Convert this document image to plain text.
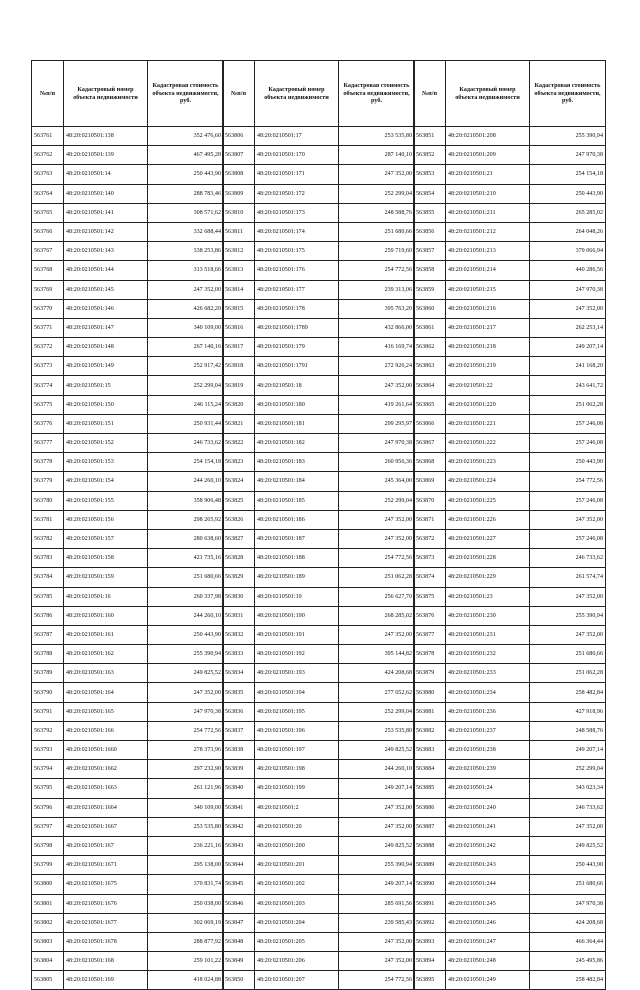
№п/п	Кадастровый номер объекта недвижимости	Кадастровая стоимость объекта недвижимости, руб.
563761	48:20:0210501:138	352 476,60
563762	48:20:0210501:139	467 495,28
563763	48:20:0210501:14	250 443,90
563764	48:20:0210501:140	288 783,46
563765	48:20:0210501:141	308 571,62
563766	48:20:0210501:142	332 688,44
563767	48:20:0210501:143	338 253,86
563768	48:20:0210501:144	313 518,66
563769	48:20:0210501:145	247 352,00
563770	48:20:0210501:146	426 682,20
563771	48:20:0210501:147	340 109,00
563772	48:20:0210501:148	267 140,16
563773	48:20:0210501:149	252 917,42
563774	48:20:0210501:15	252 299,04
563775	48:20:0210501:150	246 115,24
563776	48:20:0210501:151	250 931,44
563777	48:20:0210501:152	246 733,62
563778	48:20:0210501:153	254 154,18
563779	48:20:0210501:154	244 260,10
563780	48:20:0210501:155	358 906,48
563781	48:20:0210501:156	298 265,92
563782	48:20:0210501:157	280 638,60
563783	48:20:0210501:158	421 735,16
563784	48:20:0210501:159	251 680,66
563785	48:20:0210501:16	260 337,98
563786	48:20:0210501:160	244 260,10
563787	48:20:0210501:161	250 443,90
563788	48:20:0210501:162	255 390,94
563789	48:20:0210501:163	249 825,52
563790	48:20:0210501:164	247 352,00
563791	48:20:0210501:165	247 970,38
563792	48:20:0210501:166	254 772,56
563793	48:20:0210501:1660	278 373,96
563794	48:20:0210501:1662	297 232,90
563795	48:20:0210501:1663	261 121,96
563796	48:20:0210501:1664	340 109,00
563797	48:20:0210501:1667	253 535,80
563798	48:20:0210501:167	236 221,16
563799	48:20:0210501:1671	295 138,00
563800	48:20:0210501:1675	370 831,74
563801	48:20:0210501:1676	250 038,00
563802	48:20:0210501:1677	302 069,19
563803	48:20:0210501:1678	288 877,92
563804	48:20:0210501:168	259 101,22
563805	48:20:0210501:169	418 024,88
№п/п	Кадастровый номер объекта недвижимости	Кадастровая стоимость объекта недвижимости, руб.
563806	48:20:0210501:17	253 535,80
563807	48:20:0210501:170	287 140,10
563808	48:20:0210501:171	247 352,00
563809	48:20:0210501:172	252 299,04
563810	48:20:0210501:173	248 588,76
563811	48:20:0210501:174	251 680,66
563812	48:20:0210501:175	259 719,60
563813	48:20:0210501:176	254 772,56
563814	48:20:0210501:177	239 313,06
563815	48:20:0210501:178	395 763,20
563816	48:20:0210501:1789	432 866,00
563817	48:20:0210501:179	416 169,74
563818	48:20:0210501:1791	272 926,24
563819	48:20:0210501:18	247 352,00
563820	48:20:0210501:180	419 261,64
563821	48:20:0210501:181	299 295,97
563822	48:20:0210501:182	247 970,38
563823	48:20:0210501:183	260 956,36
563824	48:20:0210501:184	245 364,00
563825	48:20:0210501:185	252 299,04
563826	48:20:0210501:186	247 352,00
563827	48:20:0210501:187	247 352,00
563828	48:20:0210501:188	254 772,56
563829	48:20:0210501:189	251 062,28
563830	48:20:0210501:19	256 627,70
563831	48:20:0210501:190	268 285,02
563832	48:20:0210501:191	247 352,00
563833	48:20:0210501:192	395 144,82
563834	48:20:0210501:193	424 208,68
563835	48:20:0210501:194	277 652,62
563836	48:20:0210501:195	252 299,04
563837	48:20:0210501:196	253 535,80
563838	48:20:0210501:197	249 825,52
563839	48:20:0210501:198	244 260,10
563840	48:20:0210501:199	249 207,14
563841	48:20:0210501:2	247 352,00
563842	48:20:0210501:20	247 352,00
563843	48:20:0210501:200	249 825,52
563844	48:20:0210501:201	255 390,94
563845	48:20:0210501:202	249 207,14
563846	48:20:0210501:203	285 691,56
563847	48:20:0210501:204	239 585,43
563848	48:20:0210501:205	247 352,00
563849	48:20:0210501:206	247 352,00
563850	48:20:0210501:207	254 772,56
№п/п	Кадастровый номер объекта недвижимости	Кадастровая стоимость объекта недвижимости, руб.
563851	48:20:0210501:208	255 390,94
563852	48:20:0210501:209	247 970,38
563853	48:20:0210501:21	254 154,18
563854	48:20:0210501:210	250 443,90
563855	48:20:0210501:211	265 285,02
563856	48:20:0210501:212	264 048,26
563857	48:20:0210501:213	379 066,94
563858	48:20:0210501:214	440 286,56
563859	48:20:0210501:215	247 970,38
563860	48:20:0210501:216	247 352,00
563861	48:20:0210501:217	262 253,14
563862	48:20:0210501:218	249 207,14
563863	48:20:0210501:219	241 168,20
563864	48:20:0210501:22	243 641,72
563865	48:20:0210501:220	251 062,28
563866	48:20:0210501:221	257 246,08
563867	48:20:0210501:222	257 246,08
563868	48:20:0210501:223	250 443,90
563869	48:20:0210501:224	254 772,56
563870	48:20:0210501:225	257 246,08
563871	48:20:0210501:226	247 352,00
563872	48:20:0210501:227	257 246,08
563873	48:20:0210501:228	246 733,62
563874	48:20:0210501:229	261 574,74
563875	48:20:0210501:23	247 352,00
563876	48:20:0210501:230	255 390,94
563877	48:20:0210501:231	247 352,00
563878	48:20:0210501:232	251 680,66
563879	48:20:0210501:233	251 062,28
563880	48:20:0210501:234	258 482,84
563881	48:20:0210501:236	427 918,96
563882	48:20:0210501:237	248 588,76
563883	48:20:0210501:238	249 207,14
563884	48:20:0210501:239	252 299,04
563885	48:20:0210501:24	343 023,34
563886	48:20:0210501:240	246 733,62
563887	48:20:0210501:241	247 352,00
563888	48:20:0210501:242	249 825,52
563889	48:20:0210501:243	250 443,90
563890	48:20:0210501:244	251 680,66
563891	48:20:0210501:245	247 970,38
563892	48:20:0210501:246	424 208,68
563893	48:20:0210501:247	466 364,44
563894	48:20:0210501:248	245 495,86
563895	48:20:0210501:249	258 482,84
